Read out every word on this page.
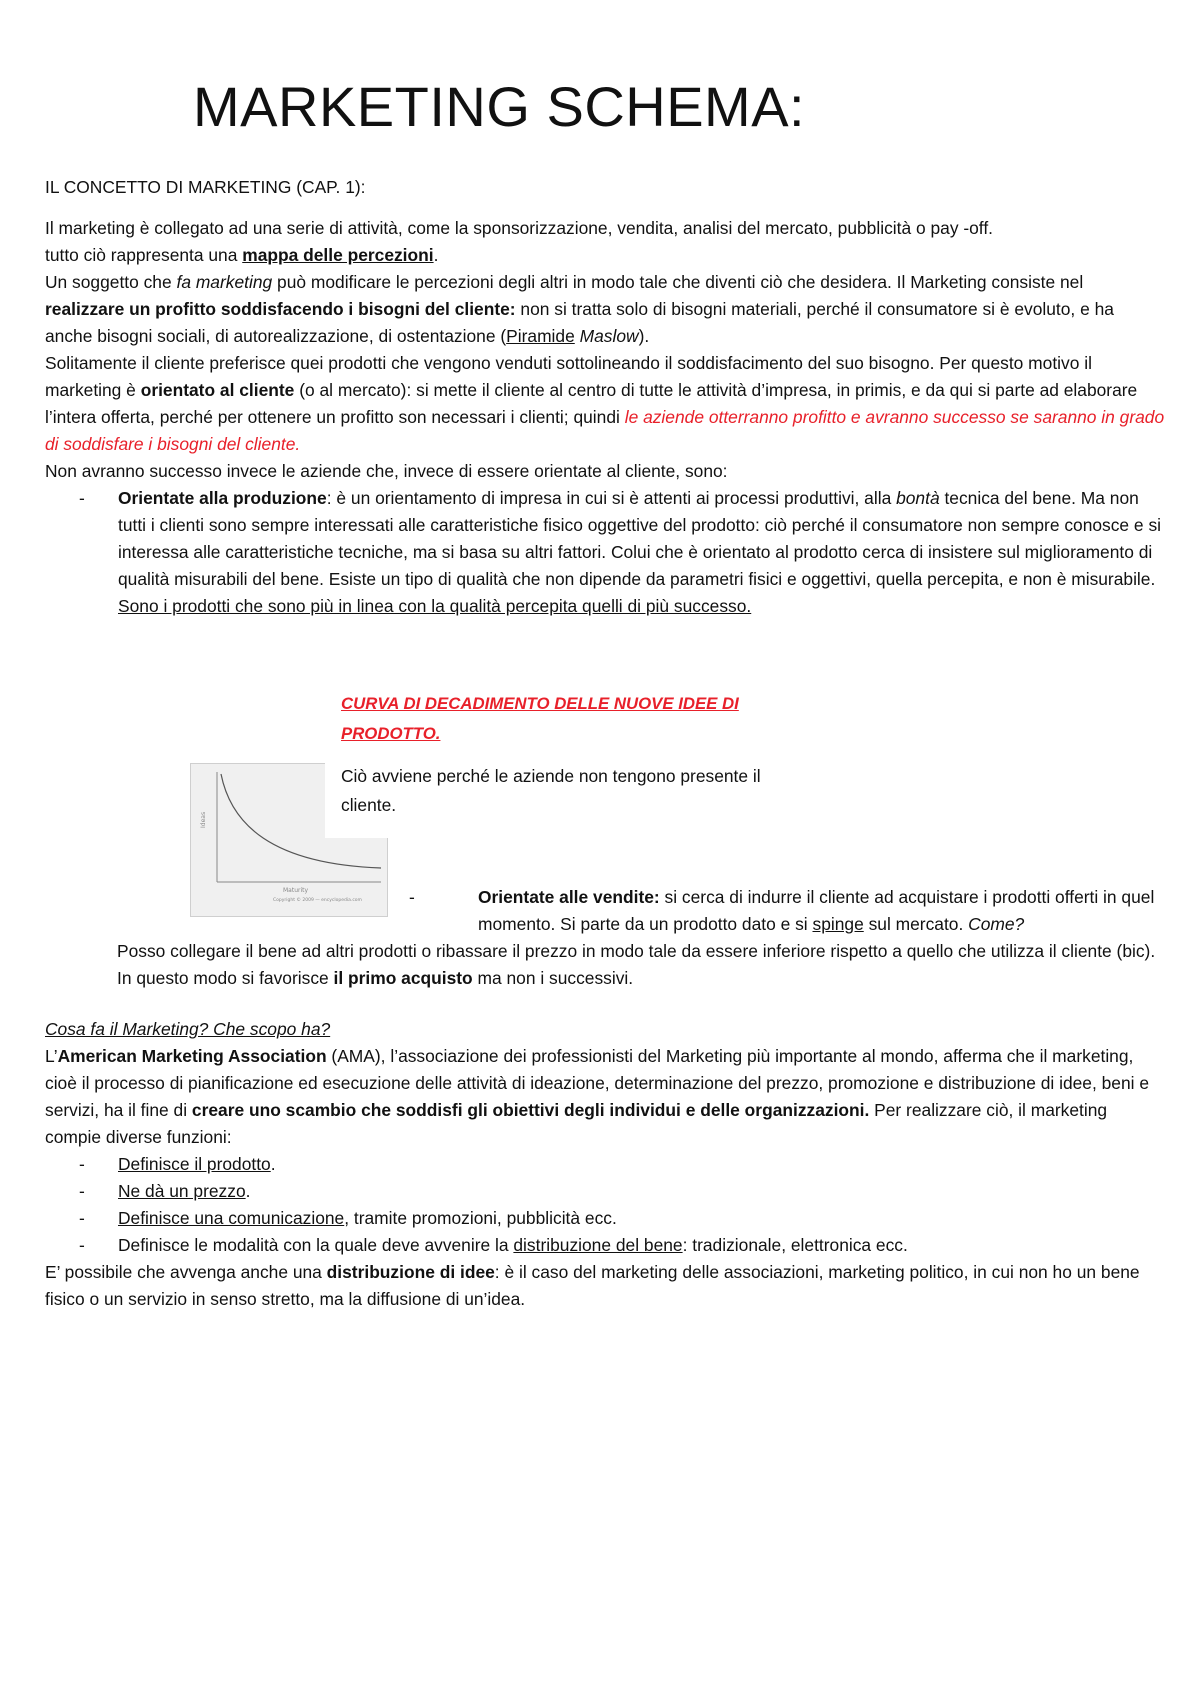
MARKETING SCHEMA:

IL CONCETTO DI MARKETING (CAP. 1):

Il marketing è collegato ad una serie di attività, come la sponsorizzazione, vendita, analisi del mercato, pubblicità o pay -off.

tutto ciò rappresenta una mappa delle percezioni.

Un soggetto che fa marketing può modificare le percezioni degli altri in modo tale che diventi ciò che desidera. Il Marketing consiste nel realizzare un profitto soddisfacendo i bisogni del cliente: non si tratta solo di bisogni materiali, perché il consumatore si è evoluto, e ha anche bisogni sociali, di autorealizzazione, di ostentazione (Piramide Maslow).

Solitamente il cliente preferisce quei prodotti che vengono venduti sottolineando il soddisfacimento del suo bisogno. Per questo motivo il marketing è orientato al cliente (o al mercato): si mette il cliente al centro di tutte le attività d’impresa, in primis, e da qui si parte ad elaborare l’intera offerta, perché per ottenere un profitto son necessari i clienti; quindi le aziende otterranno profitto e avranno successo se saranno in grado di soddisfare i bisogni del cliente.

Non avranno successo invece le aziende che, invece di essere orientate al cliente, sono:

- Orientate alla produzione: è un orientamento di impresa in cui si è attenti ai processi produttivi, alla bontà tecnica del bene. Ma non tutti i clienti sono sempre interessati alle caratteristiche fisico oggettive del prodotto: ciò perché il consumatore non sempre conosce e si interessa alle caratteristiche tecniche, ma si basa su altri fattori. Colui che è orientato al prodotto cerca di insistere sul miglioramento di qualità misurabili del bene. Esiste un tipo di qualità che non dipende da parametri fisici e oggettivi, quella percepita, e non è misurabile. Sono i prodotti che sono più in linea con la qualità percepita quelli di più successo.

CURVA DI DECADIMENTO DELLE NUOVE IDEE DI PRODOTTO.

Ideas
Maturity
Copyright © 2009 — encyclopedia.com

Ciò avviene perché le aziende non tengono presente il cliente.

-	Orientate alle vendite: si cerca di indurre il cliente ad acquistare i prodotti offerti in quel momento. Si parte da un prodotto dato e si spinge sul mercato. Come?

Posso collegare il bene ad altri prodotti o ribassare il prezzo in modo tale da essere inferiore rispetto a quello che utilizza il cliente (bic). In questo modo si favorisce il primo acquisto ma non i successivi.

Cosa fa il Marketing? Che scopo ha?

L’American Marketing Association (AMA), l’associazione dei professionisti del Marketing più importante al mondo, afferma che il marketing, cioè il processo di pianificazione ed esecuzione delle attività di ideazione, determinazione del prezzo, promozione e distribuzione di idee, beni e servizi, ha il fine di creare uno scambio che soddisfi gli obiettivi degli individui e delle organizzazioni. Per realizzare ciò, il marketing compie diverse funzioni:

- Definisce il prodotto.

- Ne dà un prezzo.

- Definisce una comunicazione, tramite promozioni, pubblicità ecc.

- Definisce le modalità con la quale deve avvenire la distribuzione del bene: tradizionale, elettronica ecc.

E’ possibile che avvenga anche una distribuzione di idee: è il caso del marketing delle associazioni, marketing politico, in cui non ho un bene fisico o un servizio in senso stretto, ma la diffusione di un’idea.
